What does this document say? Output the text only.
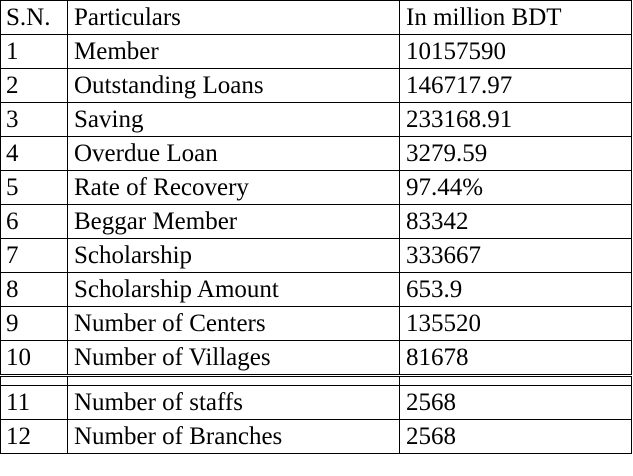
S.N.	Particulars	In million BDT
1	Member	10157590
2	Outstanding Loans	146717.97
3	Saving	233168.91
4	Overdue Loan	3279.59
5	Rate of Recovery	97.44%
6	Beggar Member	83342
7	Scholarship	333667
8	Scholarship Amount	653.9
9	Number of Centers	135520
10	Number of Villages	81678

11	Number of staffs	2568
12	Number of Branches	2568
